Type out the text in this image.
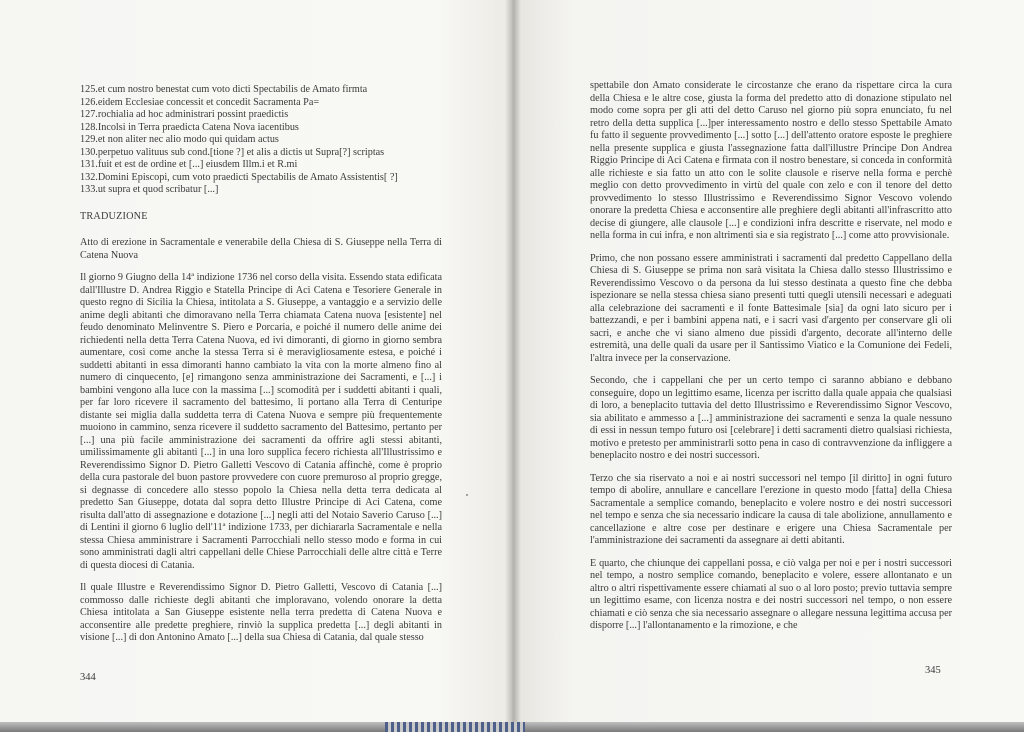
125.et cum nostro benestat cum voto dicti Spectabilis de Amato firmta
126.eidem Ecclesiae concessit et concedit Sacramenta Pa=
127.rochialia ad hoc administrari possint praedictis
128.Incolsi in Terra praedicta Catena Nova iacentibus
129.et non aliter nec alio modo qui quidam actus
130.perpetuo valituus sub cond.[tione ?] et alis a dictis ut Supra[?] scriptas
131.fuit et est de ordine et [...] eiusdem Illm.i et R.mi
132.Domini Episcopi, cum voto praedicti Spectabilis de Amato Assistentis[ ?]
133.ut supra et quod scribatur [...]
TRADUZIONE

Atto di erezione in Sacramentale e venerabile della Chiesa di S. Giuseppe nella Terra di Catena Nuova

Il giorno 9 Giugno della 14ª indizione 1736 nel corso della visita. Essendo stata edificata dall'Illustre D. Andrea Riggio e Statella Principe di Aci Catena e Tesoriere Generale in questo regno di Sicilia la Chiesa, intitolata a S. Giuseppe, a vantaggio e a servizio delle anime degli abitanti che dimoravano nella Terra chiamata Catena nuova [esistente] nel feudo denominato Melinventre S. Piero e Porcaria, e poiché il numero delle anime dei richiedenti nella detta Terra Catena Nuova, ed ivi dimoranti, di giorno in giorno sembra aumentare, così come anche la stessa Terra si è meravigliosamente estesa, e poiché i suddetti abitanti in essa dimoranti hanno cambiato la vita con la morte almeno fino al numero di cinquecento, [e] rimangono senza amministrazione dei Sacramenti, e [...] i bambini vengono alla luce con la massima [...] scomodità per i suddetti abitanti i quali, per far loro ricevere il sacramento del battesimo, li portano alla Terra di Centuripe distante sei miglia dalla suddetta terra di Catena Nuova e sempre più frequentemente muoiono in cammino, senza ricevere il suddetto sacramento del Battesimo, pertanto per [...] una più facile amministrazione dei sacramenti da offrire agli stessi abitanti, umilissimamente gli abitanti [...] in una loro supplica fecero richiesta all'Illustrissimo e Reverendissimo Signor D. Pietro Galletti Vescovo di Catania affinchè, come è proprio della cura pastorale del buon pastore provvedere con cuore premuroso al proprio gregge, si degnasse di concedere allo stesso popolo la Chiesa nella detta terra dedicata al predetto San Giuseppe, dotata dal sopra detto Illustre Principe di Aci Catena, come risulta dall'atto di assegnazione e dotazione [...] negli atti del Notaio Saverio Caruso [...] di Lentini il giorno 6 luglio dell'11ª indizione 1733, per dichiararla Sacramentale e nella stessa Chiesa amministrare i Sacramenti Parrocchiali nello stesso modo e forma in cui sono amministrati dagli altri cappellani delle Chiese Parrocchiali delle altre città e Terre di questa diocesi di Catania.

Il quale Illustre e Reverendissimo Signor D. Pietro Galletti, Vescovo di Catania [...] commosso dalle richieste degli abitanti che imploravano, volendo onorare la detta Chiesa intitolata a San Giuseppe esistente nella terra predetta di Catena Nuova e acconsentire alle predette preghiere, rinviò la supplica predetta [...] degli abitanti in visione [...] di don Antonino Amato [...] della sua Chiesa di Catania, dal quale stesso

344

spettabile don Amato considerate le circostanze che erano da rispettare circa la cura della Chiesa e le altre cose, giusta la forma del predetto atto di donazione stipulato nel modo come sopra per gli atti del detto Caruso nel giorno più sopra enunciato, fu nel retro della detta supplica [...]per interessamento nostro e dello stesso Spettabile Amato fu fatto il seguente provvedimento [...] sotto [...] dell'attento oratore esposte le preghiere nella presente supplica e giusta l'assegnazione fatta dall'illustre Principe Don Andrea Riggio Principe di Aci Catena e firmata con il nostro benestare, si conceda in conformità alle richieste e sia fatto un atto con le solite clausole e riserve nella forma e perchè meglio con detto provvedimento in virtù del quale con zelo e con il tenore del detto provvedimento lo stesso Illustrissimo e Reverendissimo Signor Vescovo volendo onorare la predetta Chiesa e acconsentire alle preghiere degli abitanti all'infrascritto atto decise di giungere, alle clausole [...] e condizioni infra descritte e riservate, nel modo e nella forma in cui infra, e non altrimenti sia e sia registrato [...] come atto provvisionale.

Primo, che non possano essere amministrati i sacramenti dal predetto Cappellano della Chiesa di S. Giuseppe se prima non sarà visitata la Chiesa dallo stesso Illustrissimo e Reverendissimo Vescovo o da persona da lui stesso destinata a questo fine che debba ispezionare se nella stessa chiesa siano presenti tutti quegli utensili necessari e adeguati alla celebrazione dei sacramenti e il fonte Battesimale [sia] da ogni lato sicuro per i battezzandi, e per i bambini appena nati, e i sacri vasi d'argento per conservare gli oli sacri, e anche che vi siano almeno due pissidi d'argento, decorate all'interno delle estremità, una delle quali da usare per il Santissimo Viatico e la Comunione dei Fedeli, l'altra invece per la conservazione.

Secondo, che i cappellani che per un certo tempo ci saranno abbiano e debbano conseguire, dopo un legittimo esame, licenza per iscritto dalla quale appaia che qualsiasi di loro, a beneplacito tuttavia del detto Illustrissimo e Reverendissimo Signor Vescovo, sia abilitato e ammesso a [...] amministrazione dei sacramenti e senza la quale nessuno di essi in nessun tempo futuro osi [celebrare] i detti sacramenti dietro qualsiasi richiesta, motivo e pretesto per amministrarli sotto pena in caso di contravvenzione da infliggere a beneplacito nostro e dei nostri successori.

Terzo che sia riservato a noi e ai nostri successori nel tempo [il diritto] in ogni futuro tempo di abolire, annullare e cancellare l'erezione in questo modo [fatta] della Chiesa Sacramentale a semplice comando, beneplacito e volere nostro e dei nostri successori nel tempo e senza che sia necessario indicare la causa di tale abolizione, annullamento e cancellazione e altre cose per destinare e erigere una Chiesa Sacramentale per l'amministrazione dei sacramenti da assegnare ai detti abitanti.

E quarto, che chiunque dei cappellani possa, e ciò valga per noi e per i nostri successori nel tempo, a nostro semplice comando, beneplacito e volere, essere allontanato e un altro o altri rispettivamente essere chiamati al suo o al loro posto; previo tuttavia sempre un legittimo esame, con licenza nostra e dei nostri successori nel tempo, o non essere chiamati e ciò senza che sia necessario assegnare o allegare nessuna legittima accusa per disporre [...] l'allontanamento e la rimozione, e che

345
